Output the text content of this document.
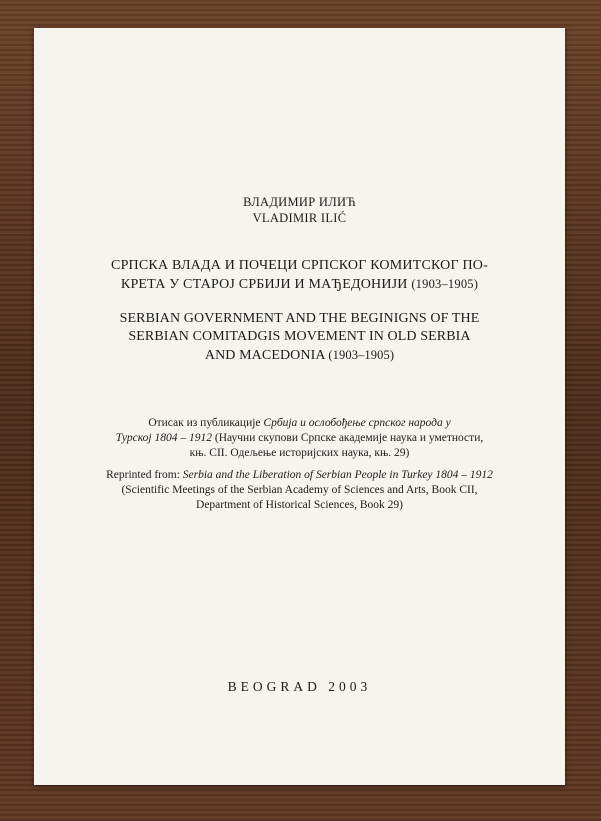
ВЛАДИМИР ИЛИЋ
VLADIMIR ILIĆ
СРПСКА ВЛАДА И ПОЧЕЦИ СРПСКОГ КОМИТСКОГ ПО-
КРЕТА У СТАРОЈ СРБИЈИ И МАЂЕДОНИЈИ (1903–1905)
SERBIAN GOVERNMENT AND THE BEGINIGNS OF THE
SERBIAN COMITADGIS MOVEMENT IN OLD SERBIA
AND MACEDONIA (1903–1905)
Отисак из публикације Србија и ослобођење српског народа у
Турској 1804 – 1912 (Научни скупови Српске академије наука и уметности,
књ. CII. Одељење историјских наука, књ. 29)
Reprinted from: Serbia and the Liberation of Serbian People in Turkey 1804 – 1912
(Scientific Meetings of the Serbian Academy of Sciences and Arts, Book CII,
Department of Historical Sciences, Book 29)
BEOGRAD 2003
